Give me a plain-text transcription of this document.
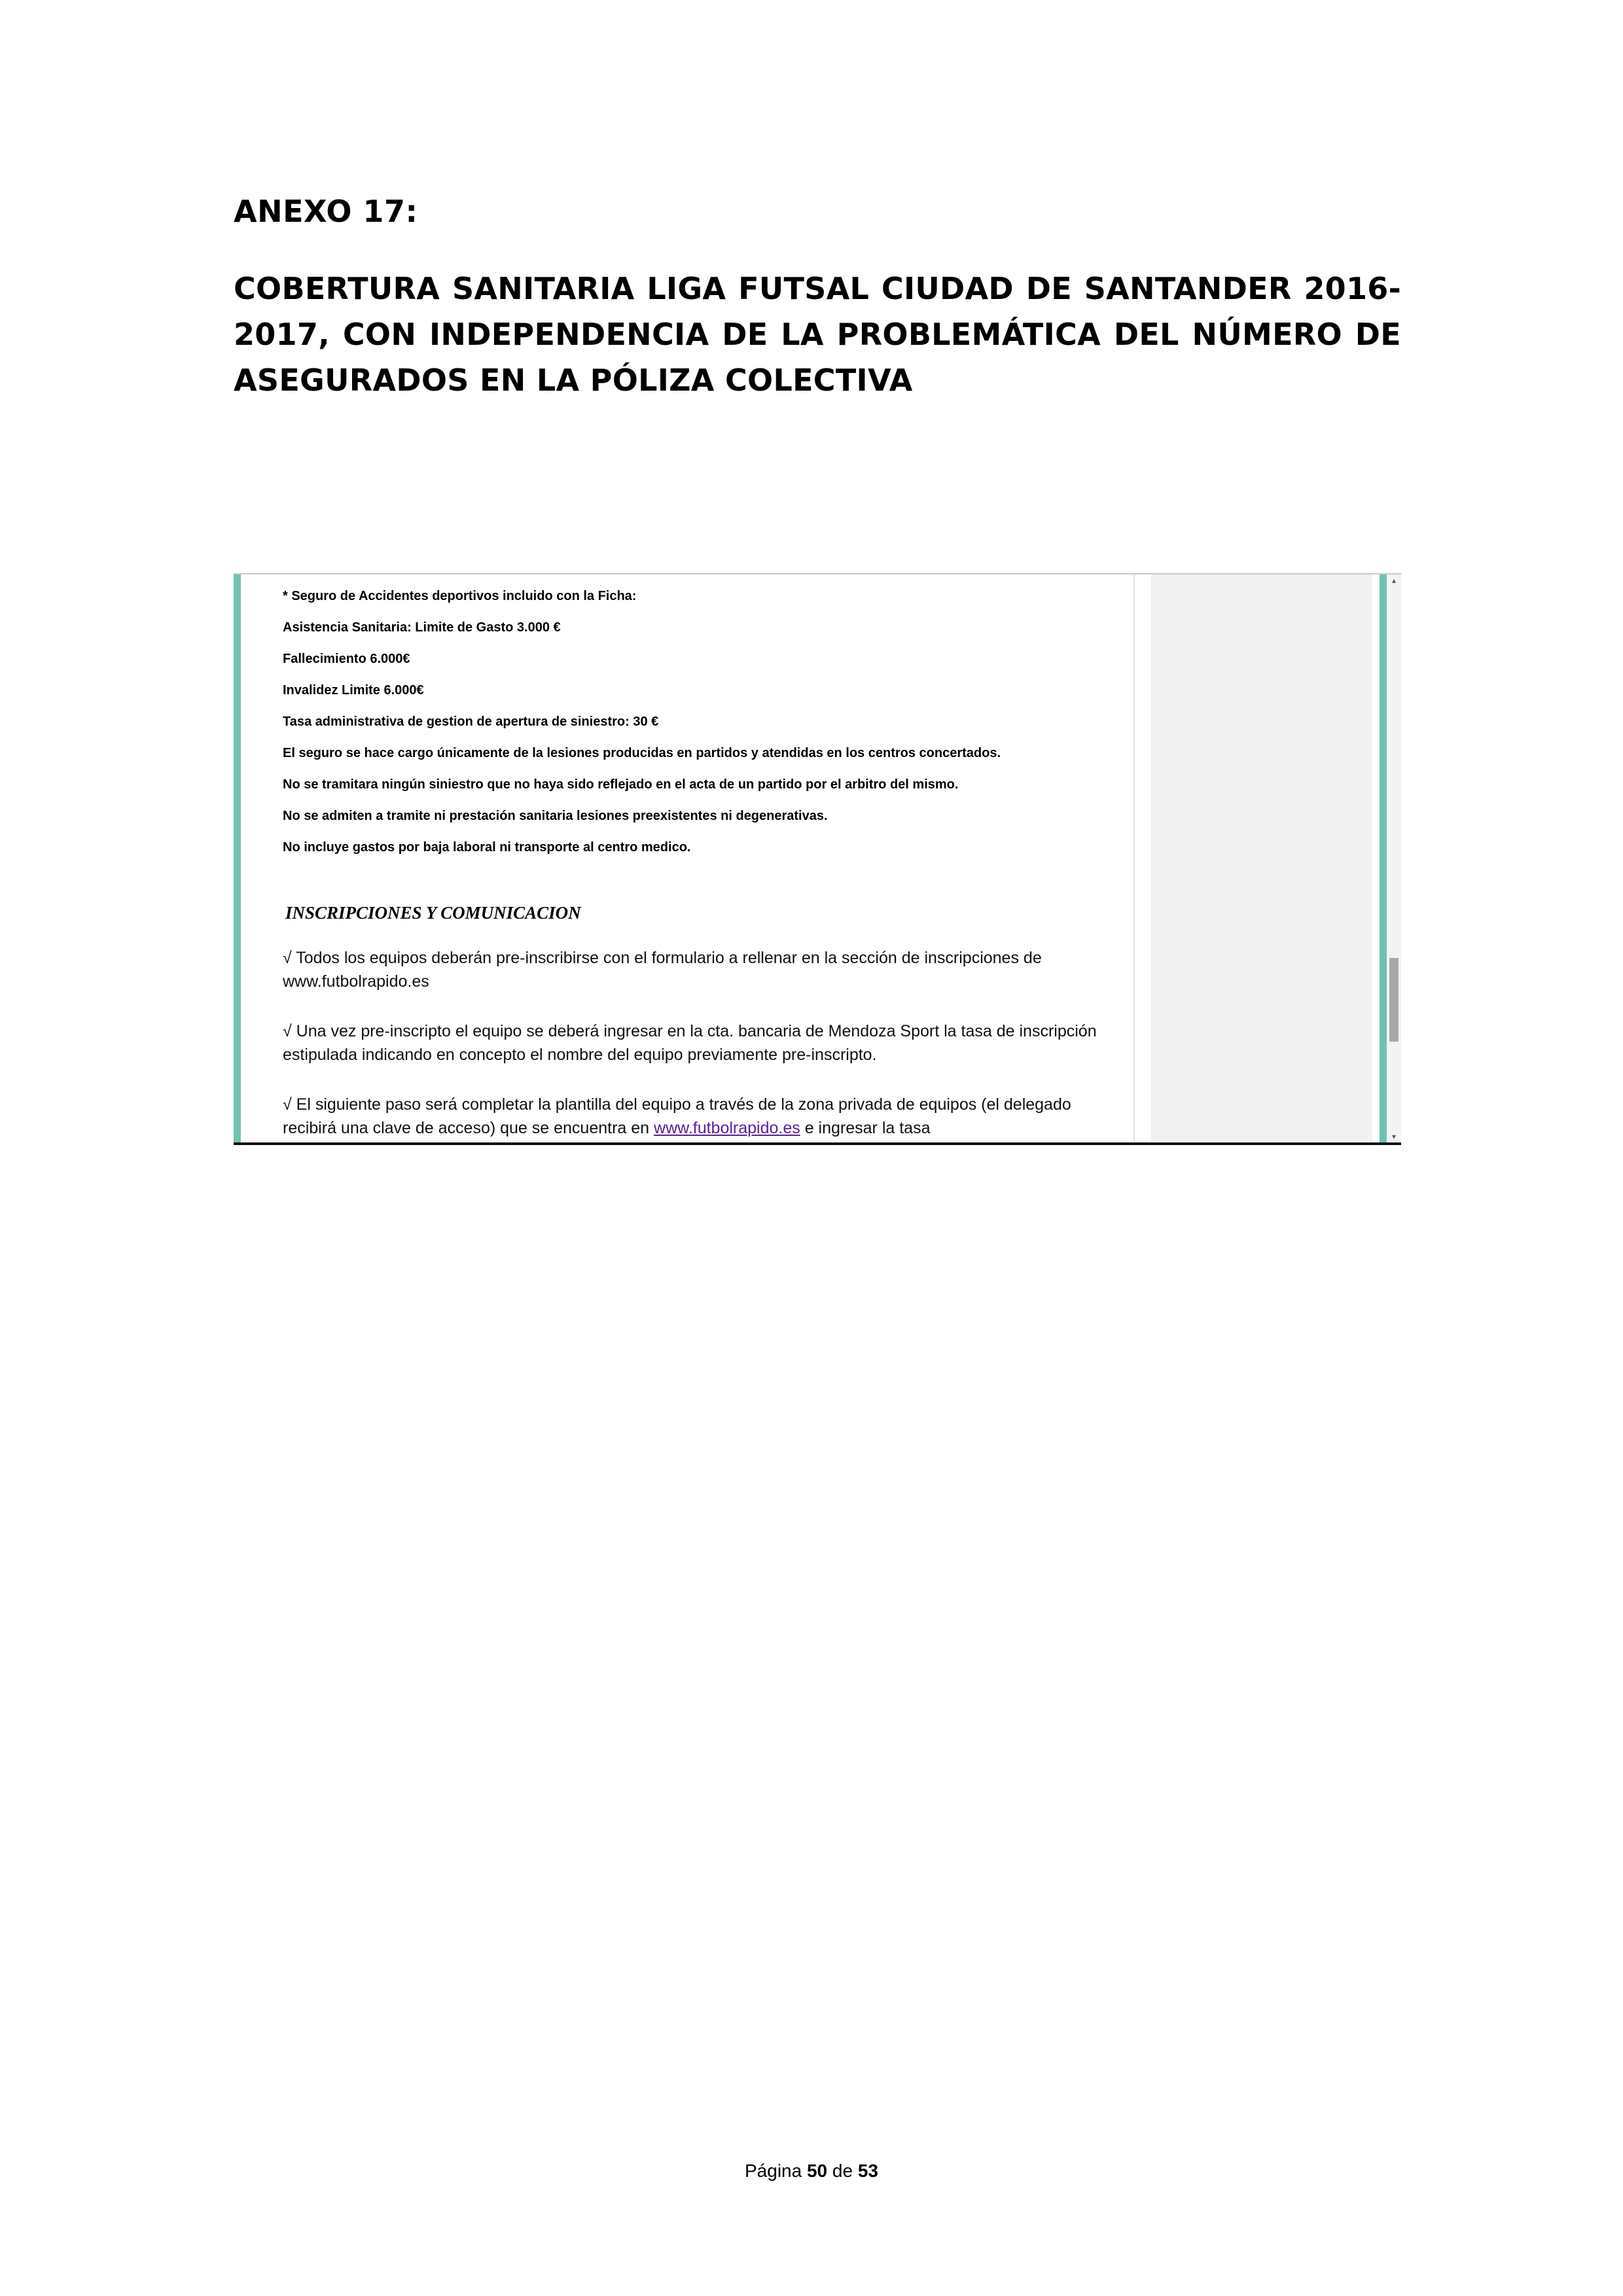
ANEXO 17:
COBERTURA SANITARIA LIGA FUTSAL CIUDAD DE SANTANDER 2016-2017, CON INDEPENDENCIA DE LA PROBLEMÁTICA DEL NÚMERO DE ASEGURADOS EN LA PÓLIZA COLECTIVA
* Seguro de Accidentes deportivos incluido con la Ficha:
Asistencia Sanitaria: Limite de Gasto 3.000 €
Fallecimiento 6.000€
Invalidez Limite 6.000€
Tasa administrativa de gestion de apertura de siniestro: 30 €
El seguro se hace cargo únicamente de la lesiones producidas en partidos y atendidas en los centros concertados.
No se tramitara ningún siniestro que no haya sido reflejado en el acta de un partido por el arbitro del mismo.
No se admiten a tramite ni prestación sanitaria lesiones preexistentes ni degenerativas.
No incluye gastos por baja laboral ni transporte al centro medico.
INSCRIPCIONES Y COMUNICACION
√ Todos los equipos deberán pre-inscribirse con el formulario a rellenar en la sección de inscripciones de www.futbolrapido.es
√ Una vez pre-inscripto el equipo se deberá ingresar en la cta. bancaria de Mendoza Sport la tasa de inscripción estipulada indicando en concepto el nombre del equipo previamente pre-inscripto.
√ El siguiente paso será completar la plantilla del equipo a través de la zona privada de equipos (el delegado recibirá una clave de acceso) que se encuentra en www.futbolrapido.es e ingresar la tasa
▴
▾
Página 50 de 53
